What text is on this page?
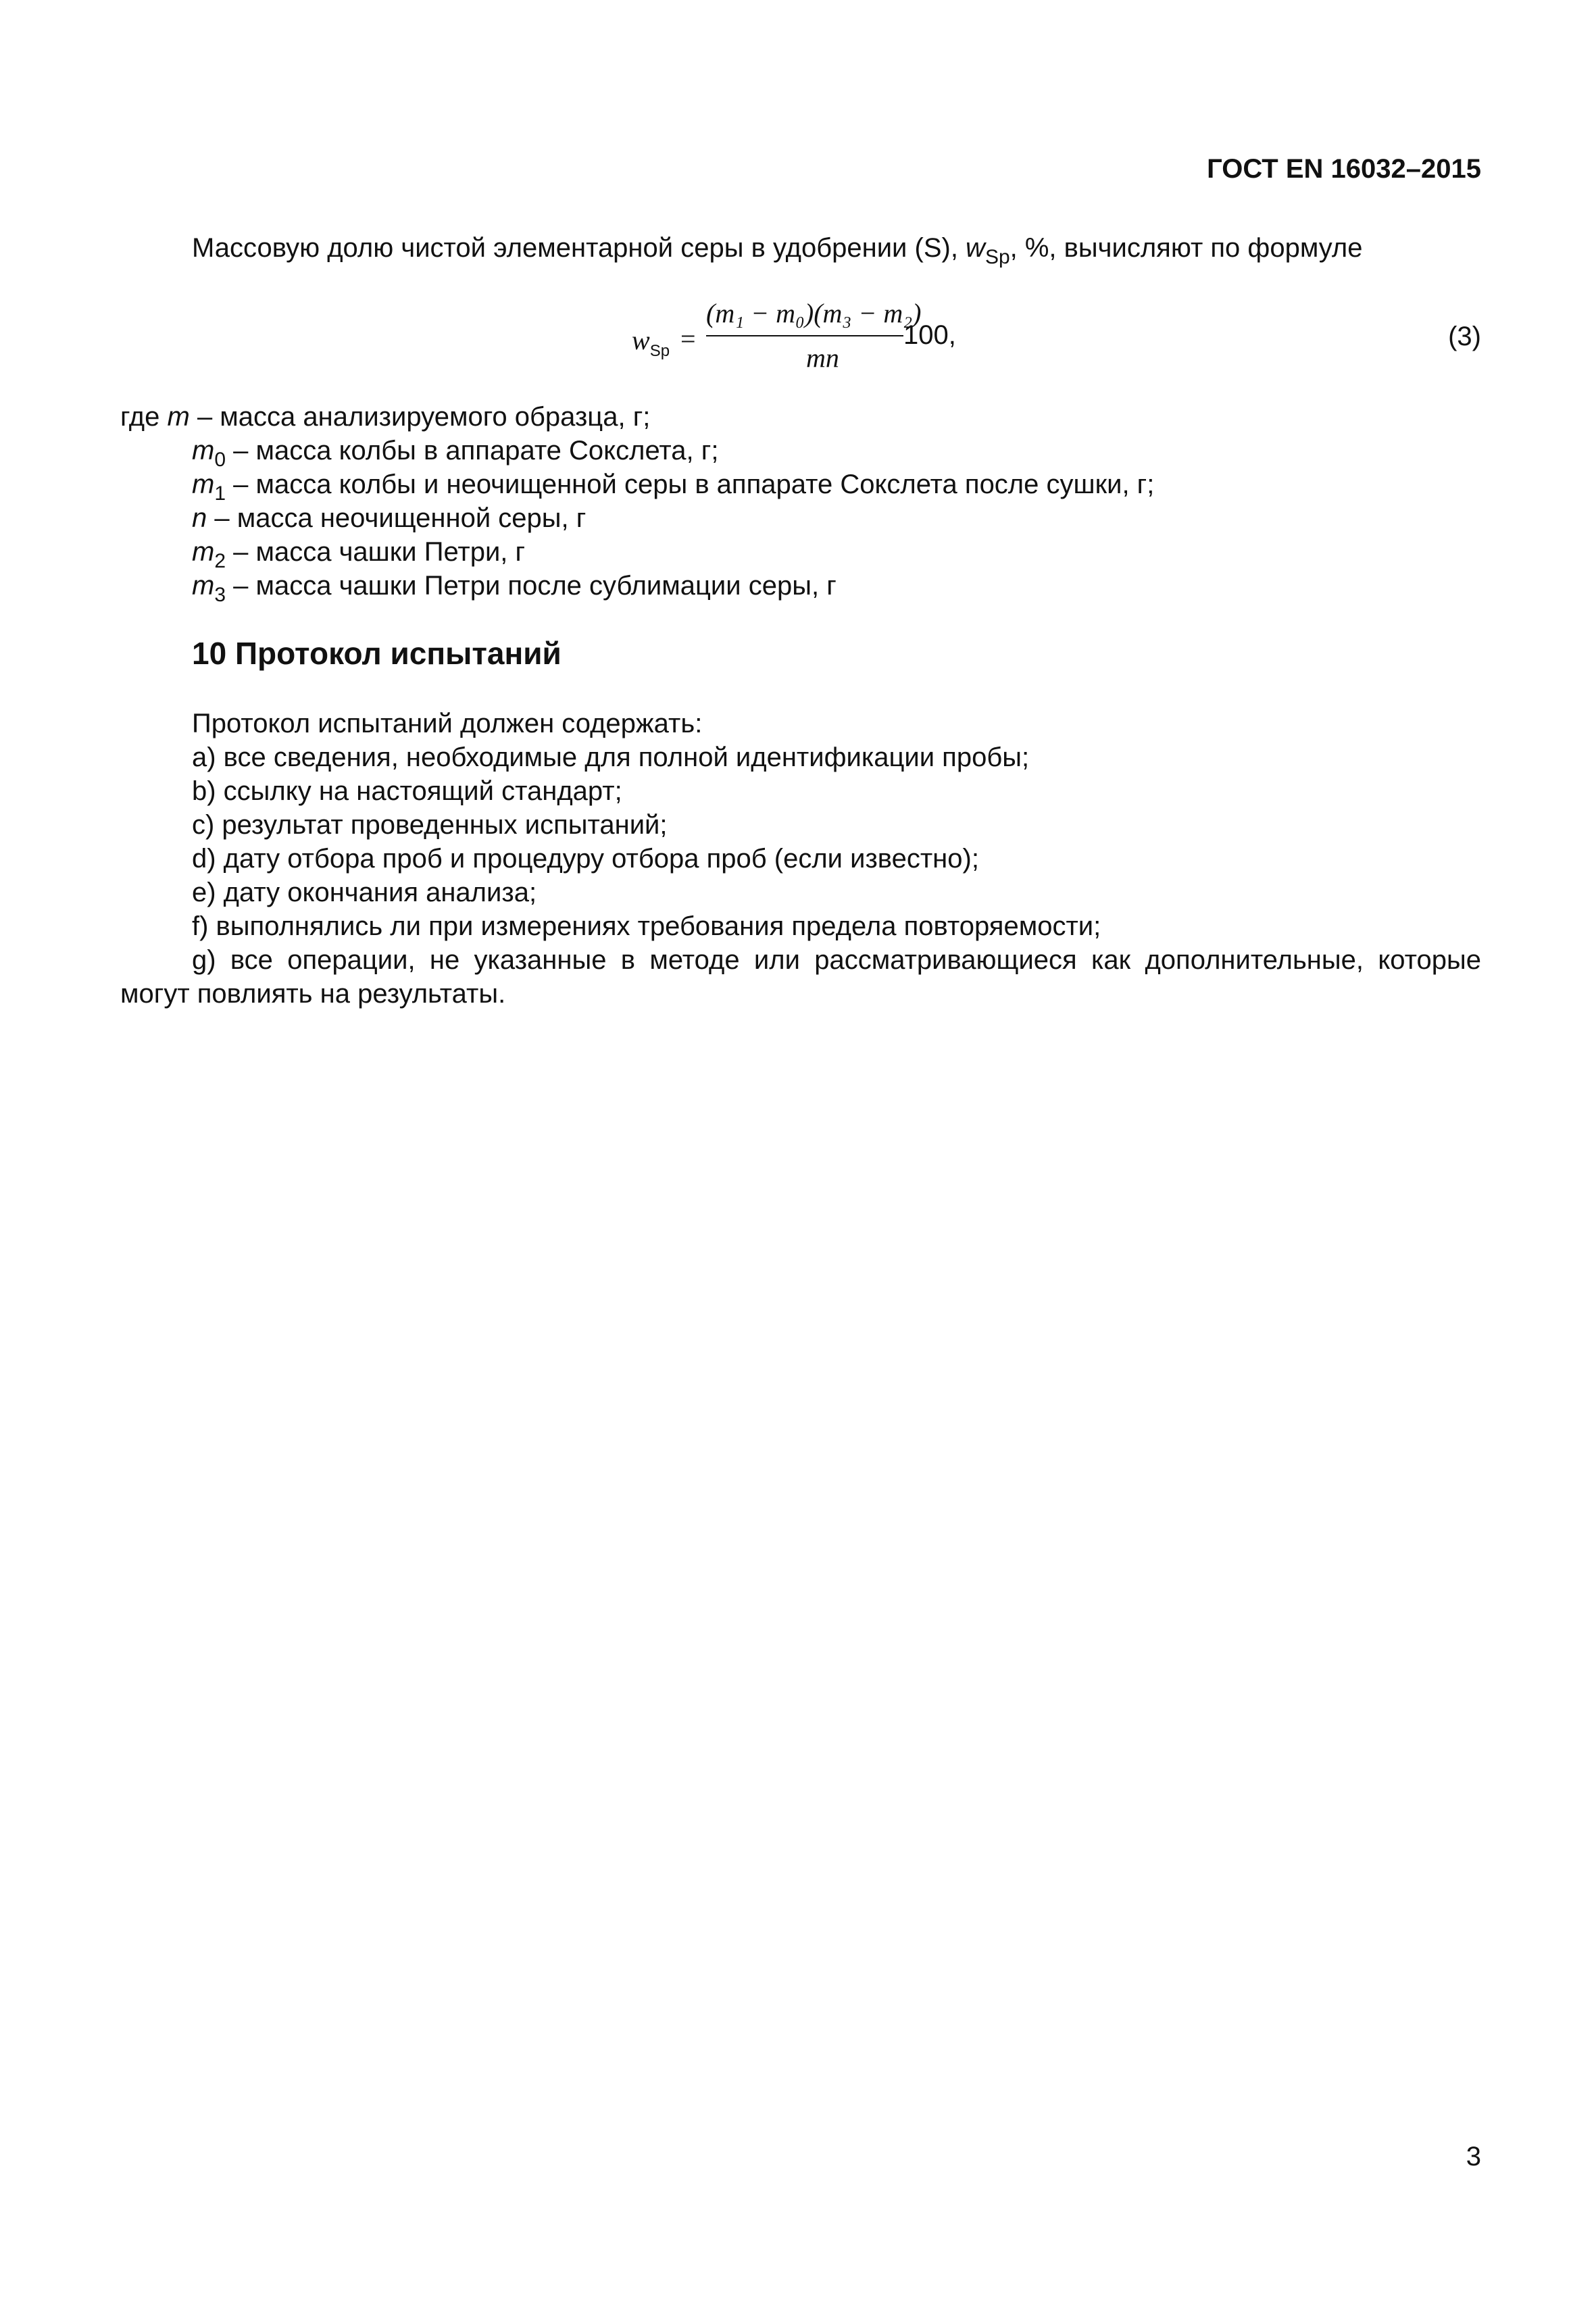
ГОСТ EN 16032–2015
Массовую долю чистой элементарной серы в удобрении (S), $w_{Sp}$, %, вычисляют по формуле
$w_{Sp}$ =
(m₁ − m₀)(m₃ − m₂)
mn
100,	(3)
где m – масса анализируемого образца, г;
$m_0$ – масса колбы в аппарате Сокслета, г;
$m_1$ – масса колбы и неочищенной серы в аппарате Сокслета после сушки, г;
n – масса неочищенной серы, г
$m_2$ – масса чашки Петри, г
$m_3$ – масса чашки Петри после сублимации серы, г
10 Протокол испытаний
Протокол испытаний должен содержать:
a) все сведения, необходимые для полной идентификации пробы;
b) ссылку на настоящий стандарт;
c) результат проведенных испытаний;
d) дату отбора проб и процедуру отбора проб (если известно);
e) дату окончания анализа;
f) выполнялись ли при измерениях требования предела повторяемости;
g) все операции, не указанные в методе или рассматривающиеся как дополнительные, которые
могут повлиять на результаты.
3
